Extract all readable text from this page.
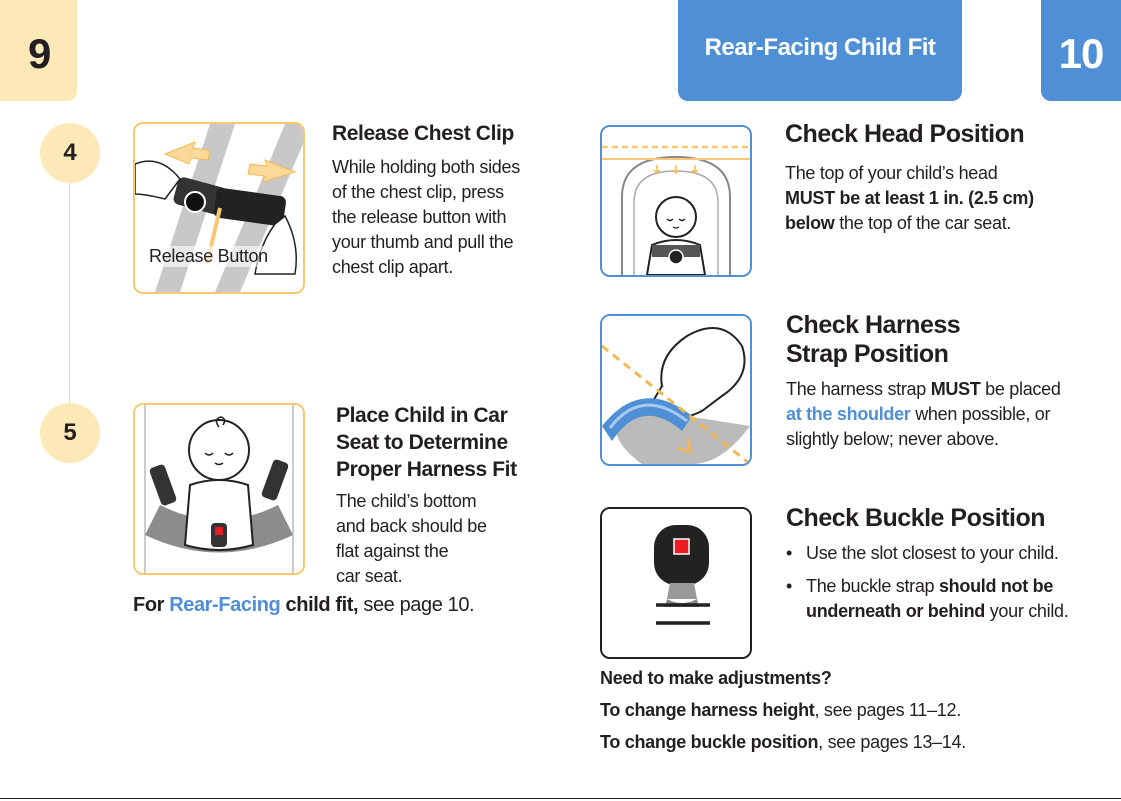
9	Rear-Facing Child Fit	10
4
Release Button
Release Chest Clip
While holding both sides of the chest clip, press the release button with your thumb and pull the chest clip apart.
5
Place Child in Car
Seat to Determine
Proper Harness Fit
The child’s bottom
and back should be
flat against the
car seat.
For Rear-Facing child fit, see page 10.
Check Head Position
The top of your child’s head
MUST be at least 1 in. (2.5 cm)
below the top of the car seat.
Check Harness
Strap Position
The harness strap MUST be placed
at the shoulder when possible, or
slightly below; never above.
Check Buckle Position
• Use the slot closest to your child.
• The buckle strap should not be
underneath or behind your child.
Need to make adjustments?
To change harness height, see pages 11–12.
To change buckle position, see pages 13–14.
